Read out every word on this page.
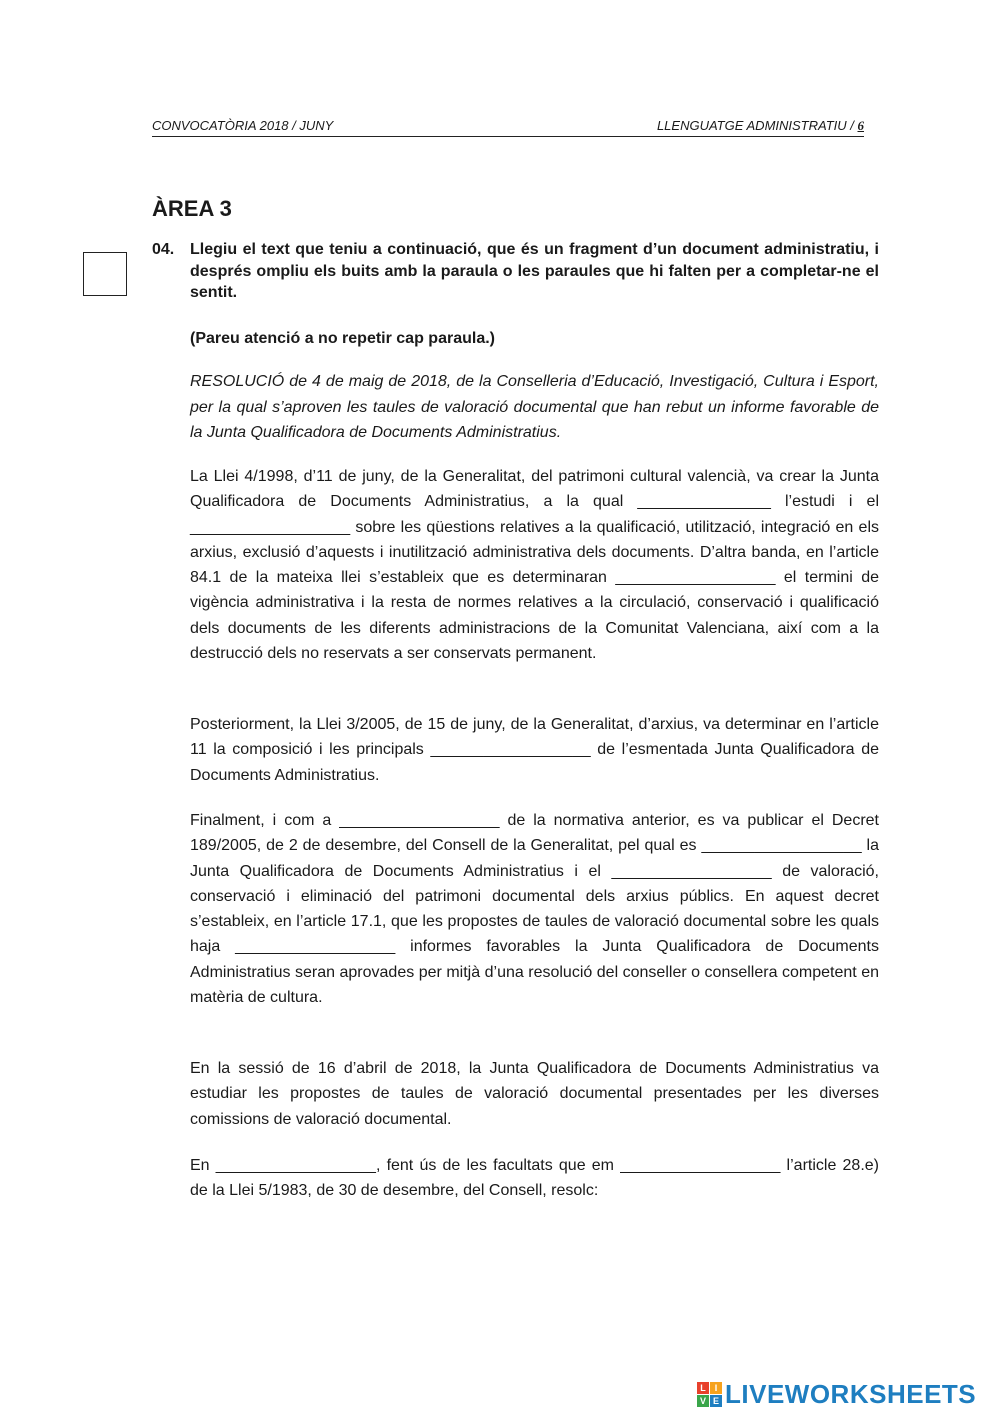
CONVOCATÒRIA 2018 / JUNY	LLENGUATGE ADMINISTRATIU / 6
ÀREA 3
04. Llegiu el text que teniu a continuació, que és un fragment d’un document administratiu, i després ompliu els buits amb la paraula o les paraules que hi falten per a completar-ne el sentit.

(Pareu atenció a no repetir cap paraula.)

RESOLUCIÓ de 4 de maig de 2018, de la Conselleria d’Educació, Investigació, Cultura i Esport, per la qual s’aproven les taules de valoració documental que han rebut un informe favorable de la Junta Qualificadora de Documents Administratius.

La Llei 4/1998, d’11 de juny, de la Generalitat, del patrimoni cultural valencià, va crear la Junta Qualificadora de Documents Administratius, a la qual _______________ l’estudi i el __________________ sobre les qüestions relatives a la qualificació, utilització, integració en els arxius, exclusió d’aquests i inutilització administrativa dels documents. D’altra banda, en l’article 84.1 de la mateixa llei s’estableix que es determinaran __________________ el termini de vigència administrativa i la resta de normes relatives a la circulació, conservació i qualificació dels documents de les diferents administracions de la Comunitat Valenciana, així com a la destrucció dels no reservats a ser conservats permanent.

Posteriorment, la Llei 3/2005, de 15 de juny, de la Generalitat, d’arxius, va determinar en l’article 11 la composició i les principals __________________ de l’esmentada Junta Qualificadora de Documents Administratius.

Finalment, i com a __________________ de la normativa anterior, es va publicar el Decret 189/2005, de 2 de desembre, del Consell de la Generalitat, pel qual es __________________ la Junta Qualificadora de Documents Administratius i el __________________ de valoració, conservació i eliminació del patrimoni documental dels arxius públics. En aquest decret s’estableix, en l’article 17.1, que les propostes de taules de valoració documental sobre les quals haja __________________ informes favorables la Junta Qualificadora de Documents Administratius seran aprovades per mitjà d’una resolució del conseller o consellera competent en matèria de cultura.

En la sessió de 16 d’abril de 2018, la Junta Qualificadora de Documents Administratius va estudiar les propostes de taules de valoració documental presentades per les diverses comissions de valoració documental.

En __________________, fent ús de les facultats que em __________________ l’article 28.e) de la Llei 5/1983, de 30 de desembre, del Consell, resolc:

L I
V E LIVEWORKSHEETS
